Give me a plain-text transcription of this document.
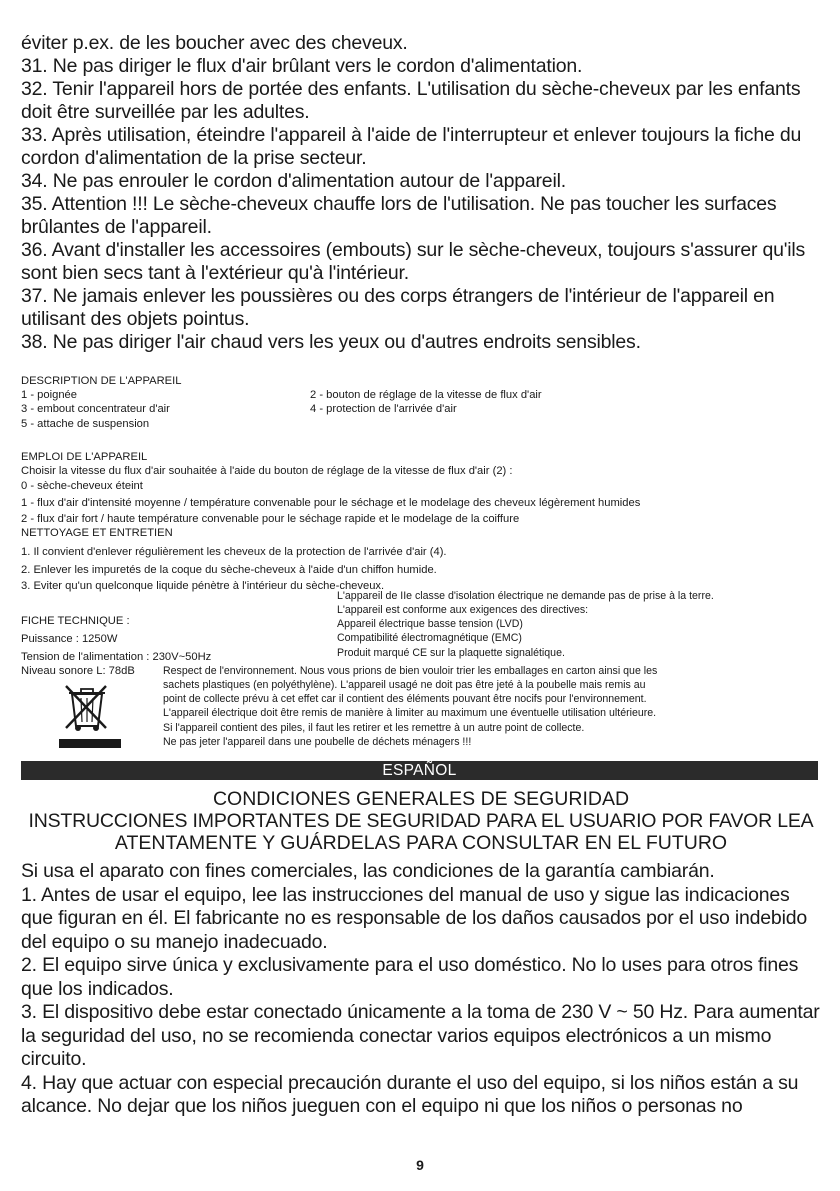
éviter p.ex. de les boucher avec des cheveux.

31. Ne pas diriger le flux d'air brûlant vers le cordon d'alimentation.

32. Tenir l'appareil hors de portée des enfants. L'utilisation du sèche-cheveux par les enfants doit être surveillée par les adultes.

33. Après utilisation, éteindre l'appareil à l'aide de l'interrupteur et enlever toujours la fiche du cordon d'alimentation de la prise secteur.

34. Ne pas enrouler le cordon d'alimentation autour de l'appareil.

35. Attention !!! Le sèche-cheveux chauffe lors de l'utilisation. Ne pas toucher les surfaces brûlantes de l'appareil.

36. Avant d'installer les accessoires (embouts) sur le sèche-cheveux, toujours s'assurer qu'ils sont bien secs tant à l'extérieur qu'à l'intérieur.

37. Ne jamais enlever les poussières ou des corps étrangers de l'intérieur de l'appareil en utilisant des objets pointus.

38. Ne pas diriger l'air chaud vers les yeux ou d'autres endroits sensibles.

DESCRIPTION DE L'APPAREIL
1 - poignée	2 - bouton de réglage de la vitesse de flux d'air
3 - embout concentrateur d'air	4 - protection de l'arrivée d'air
5 - attache de suspension
EMPLOI DE L'APPAREIL
Choisir la vitesse du flux d'air souhaitée à l'aide du bouton de réglage de la vitesse de flux d'air (2) :
0 - sèche-cheveux éteint
1 - flux d'air d'intensité moyenne / température convenable pour le séchage et le modelage des cheveux légèrement humides
2 - flux d'air fort / haute température convenable pour le séchage rapide et le modelage de la coiffure
NETTOYAGE ET ENTRETIEN
1. Il convient d'enlever régulièrement les cheveux de la protection de l'arrivée d'air (4).
2. Enlever les impuretés de la coque du sèche-cheveux à l'aide d'un chiffon humide.
3. Eviter qu'un quelconque liquide pénètre à l'intérieur du sèche-cheveux.
L'appareil de IIe classe d'isolation électrique ne demande pas de prise à la terre.
L'appareil est conforme aux exigences des directives:
Appareil électrique basse tension (LVD)
Compatibilité électromagnétique (EMC)
Produit marqué CE sur la plaquette signalétique.
FICHE TECHNIQUE :
Puissance : 1250W
Tension de l'alimentation : 230V~50Hz
Niveau sonore L: 78dB	Respect de l'environnement. Nous vous prions de bien vouloir trier les emballages en carton ainsi que les
sachets plastiques (en polyéthylène). L'appareil usagé ne doit pas être jeté à la poubelle mais remis au
point de collecte prévu à cet effet car il contient des éléments pouvant être nocifs pour l'environnement.
L'appareil électrique doit être remis de manière à limiter au maximum une éventuelle utilisation ultérieure.
Si l'appareil contient des piles, il faut les retirer et les remettre à un autre point de collecte.
Ne pas jeter l'appareil dans une poubelle de déchets ménagers !!!
ESPAÑOL
CONDICIONES GENERALES DE SEGURIDAD
INSTRUCCIONES IMPORTANTES DE SEGURIDAD PARA EL USUARIO POR FAVOR LEA
ATENTAMENTE Y GUÁRDELAS PARA CONSULTAR EN EL FUTURO

Si usa el aparato con fines comerciales, las condiciones de la garantía cambiarán.

1. Antes de usar el equipo, lee las instrucciones del manual de uso y sigue las indicaciones que figuran en él. El fabricante no es responsable de los daños causados por el uso indebido del equipo o su manejo inadecuado.

2. El equipo sirve única y exclusivamente para el uso doméstico. No lo uses para otros fines que los indicados.

3. El dispositivo debe estar conectado únicamente a la toma de 230 V ~ 50 Hz. Para aumentar la seguridad del uso, no se recomienda conectar varios equipos electrónicos a un mismo circuito.

4. Hay que actuar con especial precaución durante el uso del equipo, si los niños están a su alcance. No dejar que los niños jueguen con el equipo ni que los niños o personas no

9
